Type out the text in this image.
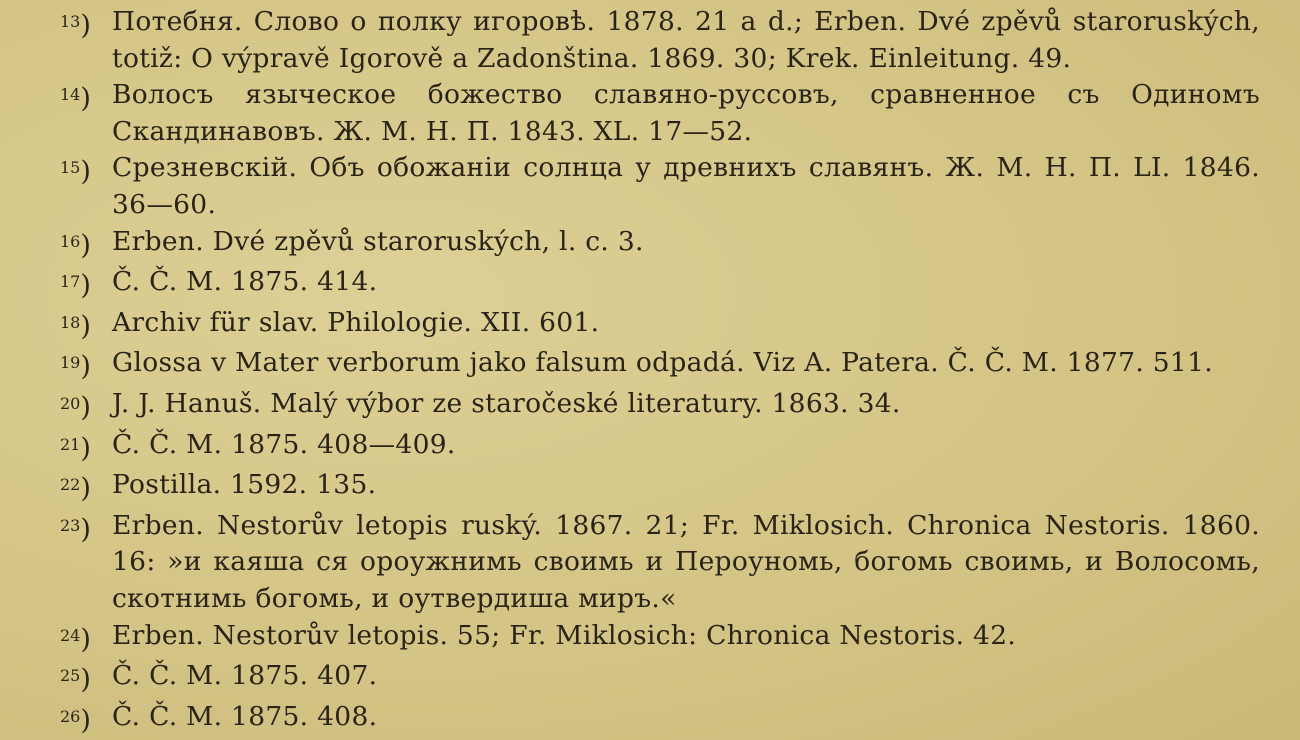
$^{13}$) Потебня. Слово о полку игоровѣ. 1878. 21 a d.; Erben. Dvé zpěvů staroruských, totiž: O výpravě Igorově a Zadonština. 1869. 30; Krek. Einleitung. 49.
$^{14}$) Волосъ языческое божество славяно-руссовъ, сравненное съ Одиномъ Скандинавовъ. Ж. М. Н. П. 1843. XL. 17—52.
$^{15}$) Срезневскій. Объ обожаніи солнца у древнихъ славянъ. Ж. М. Н. П. LI. 1846. 36—60.
$^{16}$) Erben. Dvé zpěvů staroruských, l. c. 3.
$^{17}$) Č. Č. M. 1875. 414.
$^{18}$) Archiv für slav. Philologie. XII. 601.
$^{19}$) Glossa v Mater verborum jako falsum odpadá. Viz A. Patera. Č. Č. M. 1877. 511.
$^{20}$) J. J. Hanuš. Malý výbor ze staročeské literatury. 1863. 34.
$^{21}$) Č. Č. M. 1875. 408—409.
$^{22}$) Postilla. 1592. 135.
$^{23}$) Erben. Nestorův letopis ruský. 1867. 21; Fr. Miklosich. Chronica Nestoris. 1860. 16: »и каяша ся ороужнимь своимь и Пероуномь, богомь своимь, и Волосомь, скотнимь богомь, и оутвердиша миръ.«
$^{24}$) Erben. Nestorův letopis. 55; Fr. Miklosich: Chronica Nestoris. 42.
$^{25}$) Č. Č. M. 1875. 407.
$^{26}$) Č. Č. M. 1875. 408.
